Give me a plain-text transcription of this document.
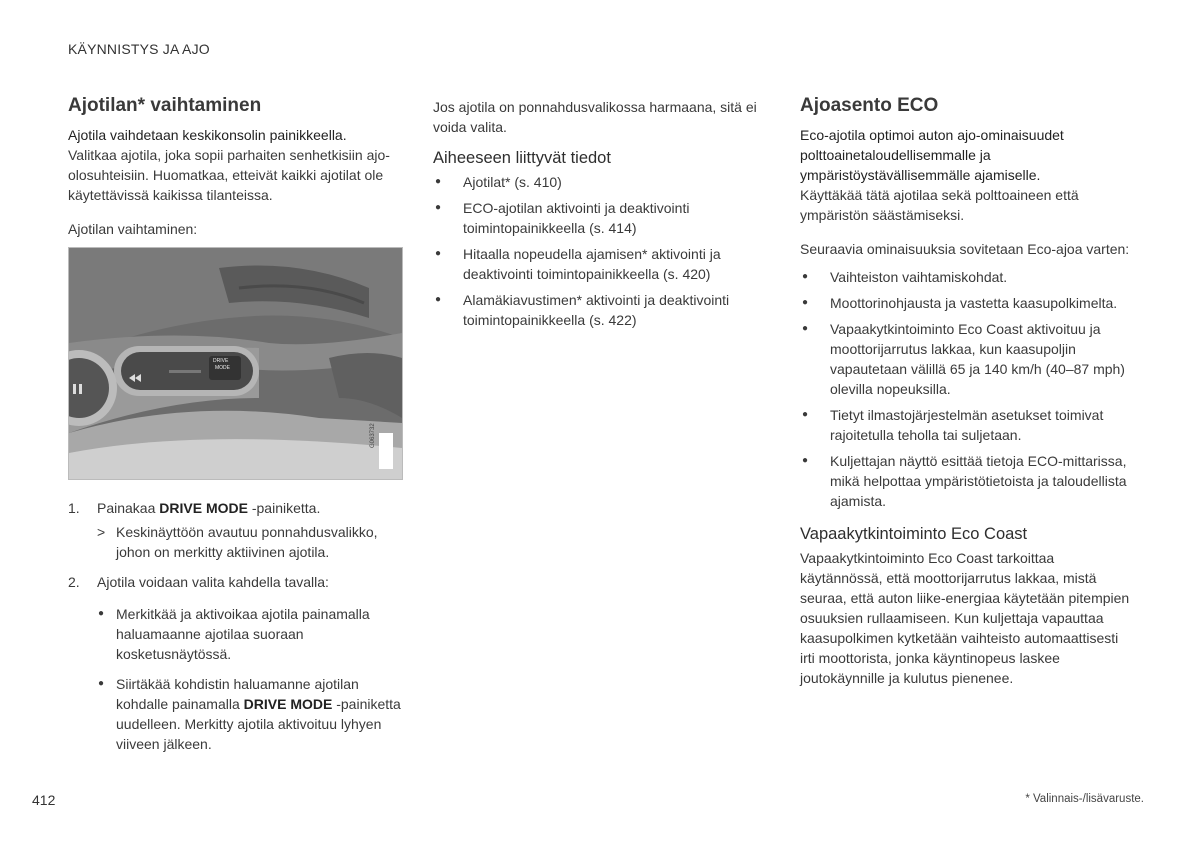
KÄYNNISTYS JA AJO
Ajotilan* vaihtaminen

Ajotila vaihdetaan keskikonsolin painikkeella.

Valitkaa ajotila, joka sopii parhaiten senhetkisiin ajo-olosuhteisiin. Huomatkaa, etteivät kaikki ajotilat ole käytettävissä kaikissa tilanteissa.

Ajotilan vaihtaminen:

DRIVE
MODE
G063732
1. Painakaa DRIVE MODE -painiketta.
> Keskinäyttöön avautuu ponnahdusvalikko, johon on merkitty aktiivinen ajotila.
2. Ajotila voidaan valita kahdella tavalla:
● Merkitkää ja aktivoikaa ajotila painamalla haluamaanne ajotilaa suoraan kosketusnäytössä.
● Siirtäkää kohdistin haluamanne ajotilan kohdalle painamalla DRIVE MODE -painiketta uudelleen. Merkitty ajotila aktivoituu lyhyen viiveen jälkeen.

Jos ajotila on ponnahdusvalikossa harmaana, sitä ei voida valita.

Aiheeseen liittyvät tiedot
● Ajotilat* (s. 410)
● ECO-ajotilan aktivointi ja deaktivointi toimintopainikkeella (s. 414)
● Hitaalla nopeudella ajamisen* aktivointi ja deaktivointi toimintopainikkeella (s. 420)
● Alamäkiavustimen* aktivointi ja deaktivointi toimintopainikkeella (s. 422)
Ajoasento ECO

Eco-ajotila optimoi auton ajo-ominaisuudet polttoainetaloudellisemmalle ja ympäristöystävällisemmälle ajamiselle.

Käyttäkää tätä ajotilaa sekä polttoaineen että ympäristön säästämiseksi.

Seuraavia ominaisuuksia sovitetaan Eco-ajoa varten:

● Vaihteiston vaihtamiskohdat.
● Moottorinohjausta ja vastetta kaasupolkimelta.
● Vapaakytkintoiminto Eco Coast aktivoituu ja moottorijarrutus lakkaa, kun kaasupoljin vapautetaan välillä 65 ja 140 km/h (40–87 mph) olevilla nopeuksilla.
● Tietyt ilmastojärjestelmän asetukset toimivat rajoitetulla teholla tai suljetaan.
● Kuljettajan näyttö esittää tietoja ECO-mittarissa, mikä helpottaa ympäristötietoista ja taloudellista ajamista.
Vapaakytkintoiminto Eco Coast

Vapaakytkintoiminto Eco Coast tarkoittaa käytännössä, että moottorijarrutus lakkaa, mistä seuraa, että auton liike-energiaa käytetään pitempien osuuksien rullaamiseen. Kun kuljettaja vapauttaa kaasupolkimen kytketään vaihteisto automaattisesti irti moottorista, jonka käyntinopeus laskee joutokäynnille ja kulutus pienenee.

412	* Valinnais-/lisävaruste.
